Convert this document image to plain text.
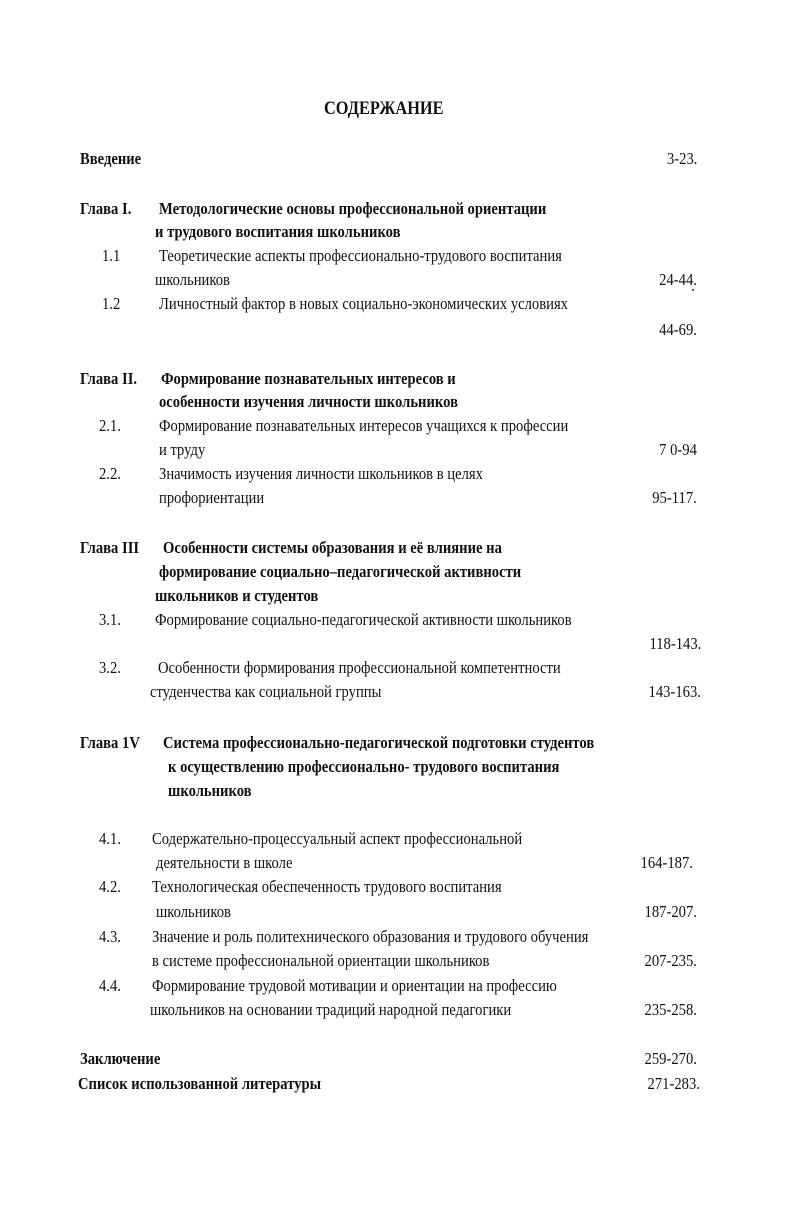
СОДЕРЖАНИЕ
Введение	3-23.
Глава I.	Методологические основы профессиональной ориентации
и трудового воспитания школьников
1.1 Теоретические аспекты профессионально-трудового воспитания
школьников	24-44.
1.2 Личностный фактор в новых социально-экономических условиях
44-69.
Глава II.	Формирование познавательных интересов и
особенности изучения личности школьников
2.1. Формирование познавательных интересов учащихся к профессии
и труду	7 0-94
2.2. Значимость изучения личности школьников в целях
профориентации	95-117.
Глава III	Особенности системы образования и её влияние на
формирование социально–педагогической активности
школьников и студентов
3.1. Формирование социально-педагогической активности школьников
118-143.
3.2. Особенности формирования профессиональной компетентности
студенчества как социальной группы	143-163.
Глава 1V	Система профессионально-педагогической подготовки студентов
к осуществлению профессионально- трудового воспитания
школьников
4.1. Содержательно-процессуальный аспект профессиональной
деятельности в школе	164-187.
4.2. Технологическая обеспеченность трудового воспитания
школьников	187-207.
4.3. Значение и роль политехнического образования и трудового обучения
в системе профессиональной ориентации школьников	207-235.
4.4. Формирование трудовой мотивации и ориентации на профессию
школьников на основании традиций народной педагогики	235-258.
Заключение	259-270.
Список использованной литературы	271-283.
